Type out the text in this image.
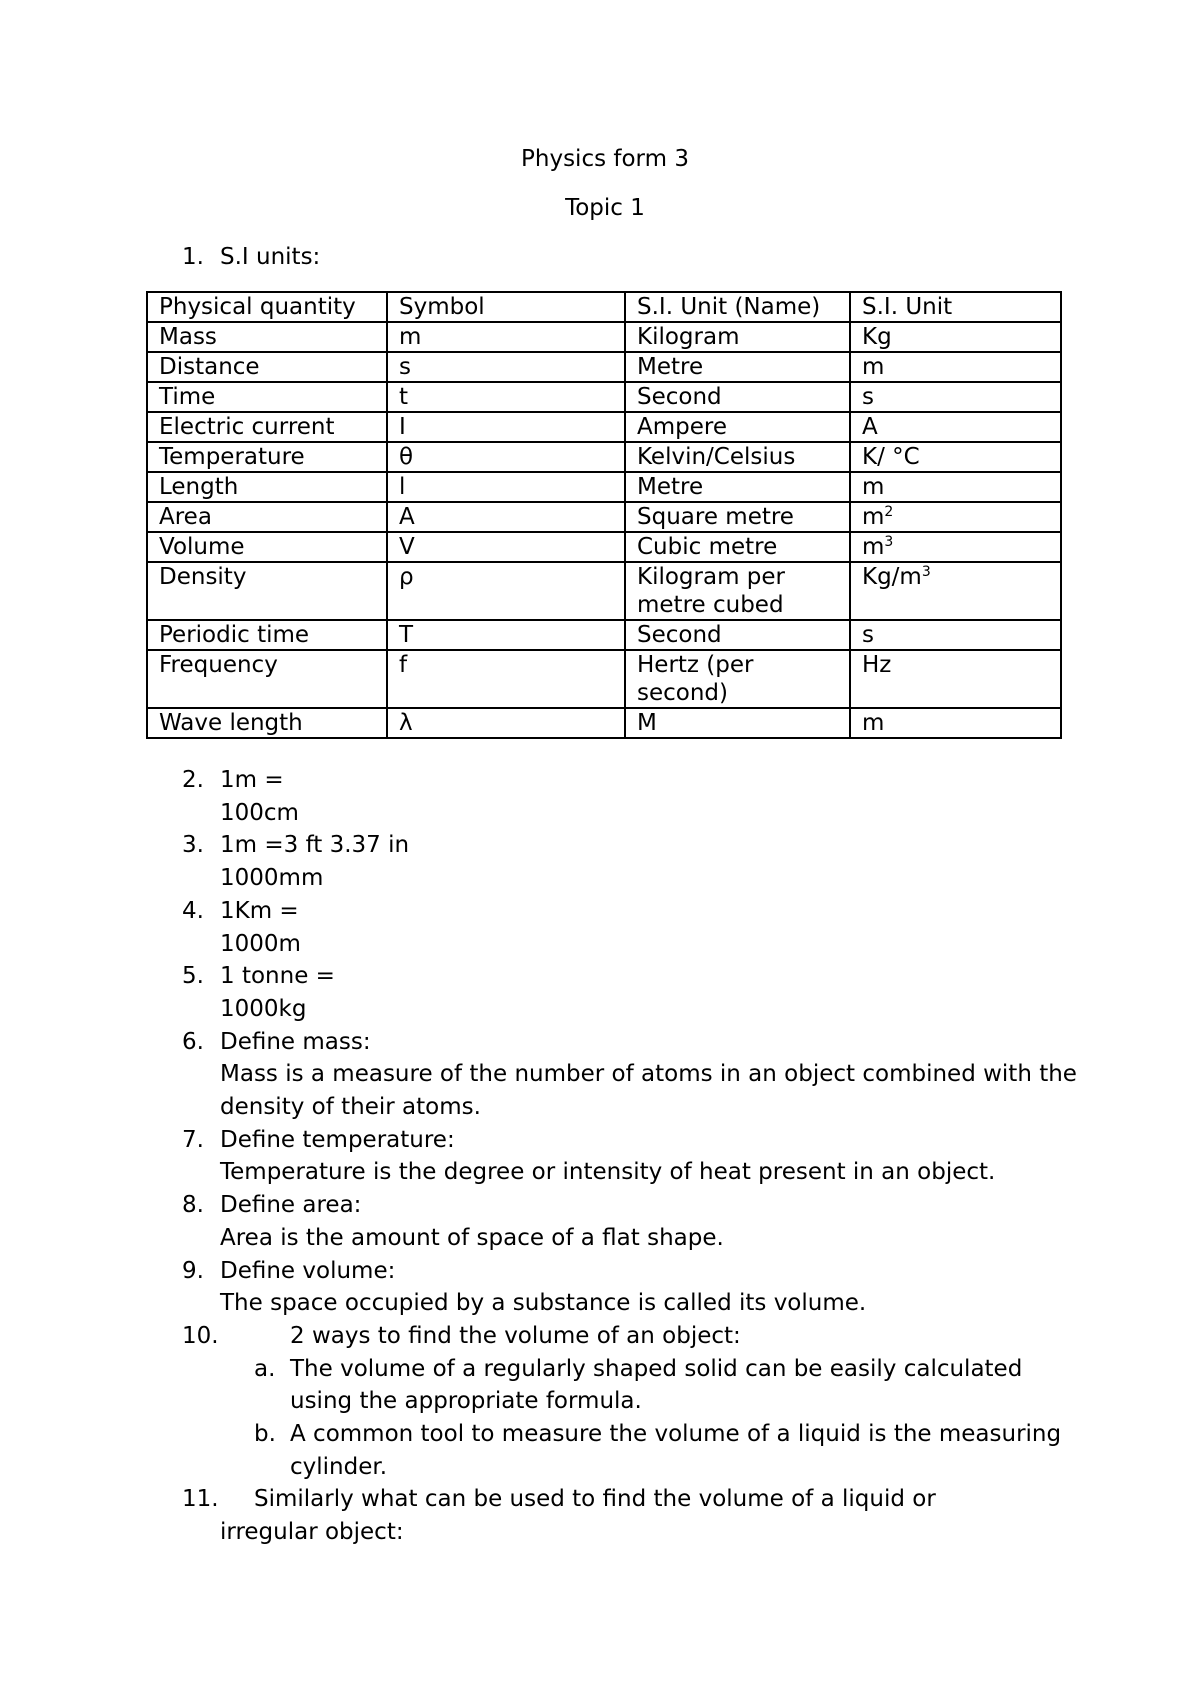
Physics form 3
Topic 1
1. S.I units:
Physical quantity	Symbol	S.I. Unit (Name)	S.I. Unit
Mass	m	Kilogram	Kg
Distance	s	Metre	m
Time	t	Second	s
Electric current	I	Ampere	A
Temperature	θ	Kelvin/Celsius	K/ °C
Length	l	Metre	m
Area	A	Square metre	$m^2$
Volume	V	Cubic metre	$m^3$
Density	ρ	Kilogram per metre cubed	$Kg/m^3$
Periodic time	T	Second	s
Frequency	f	Hertz (per second)	Hz
Wave length	λ	M	m
2. 1m =
100cm
3. 1m =3 ft 3.37 in
1000mm
4. 1Km =
1000m
5. 1 tonne =
1000kg
6. Define mass:
Mass is a measure of the number of atoms in an object combined with the density of their atoms.
7. Define temperature:
Temperature is the degree or intensity of heat present in an object.
8. Define area:
Area is the amount of space of a flat shape.
9. Define volume:
The space occupied by a substance is called its volume.
10.	2 ways to find the volume of an object:
a. The volume of a regularly shaped solid can be easily calculated using the appropriate formula.
b. A common tool to measure the volume of a liquid is the measuring cylinder.
11. Similarly what can be used to find the volume of a liquid or
irregular object:
